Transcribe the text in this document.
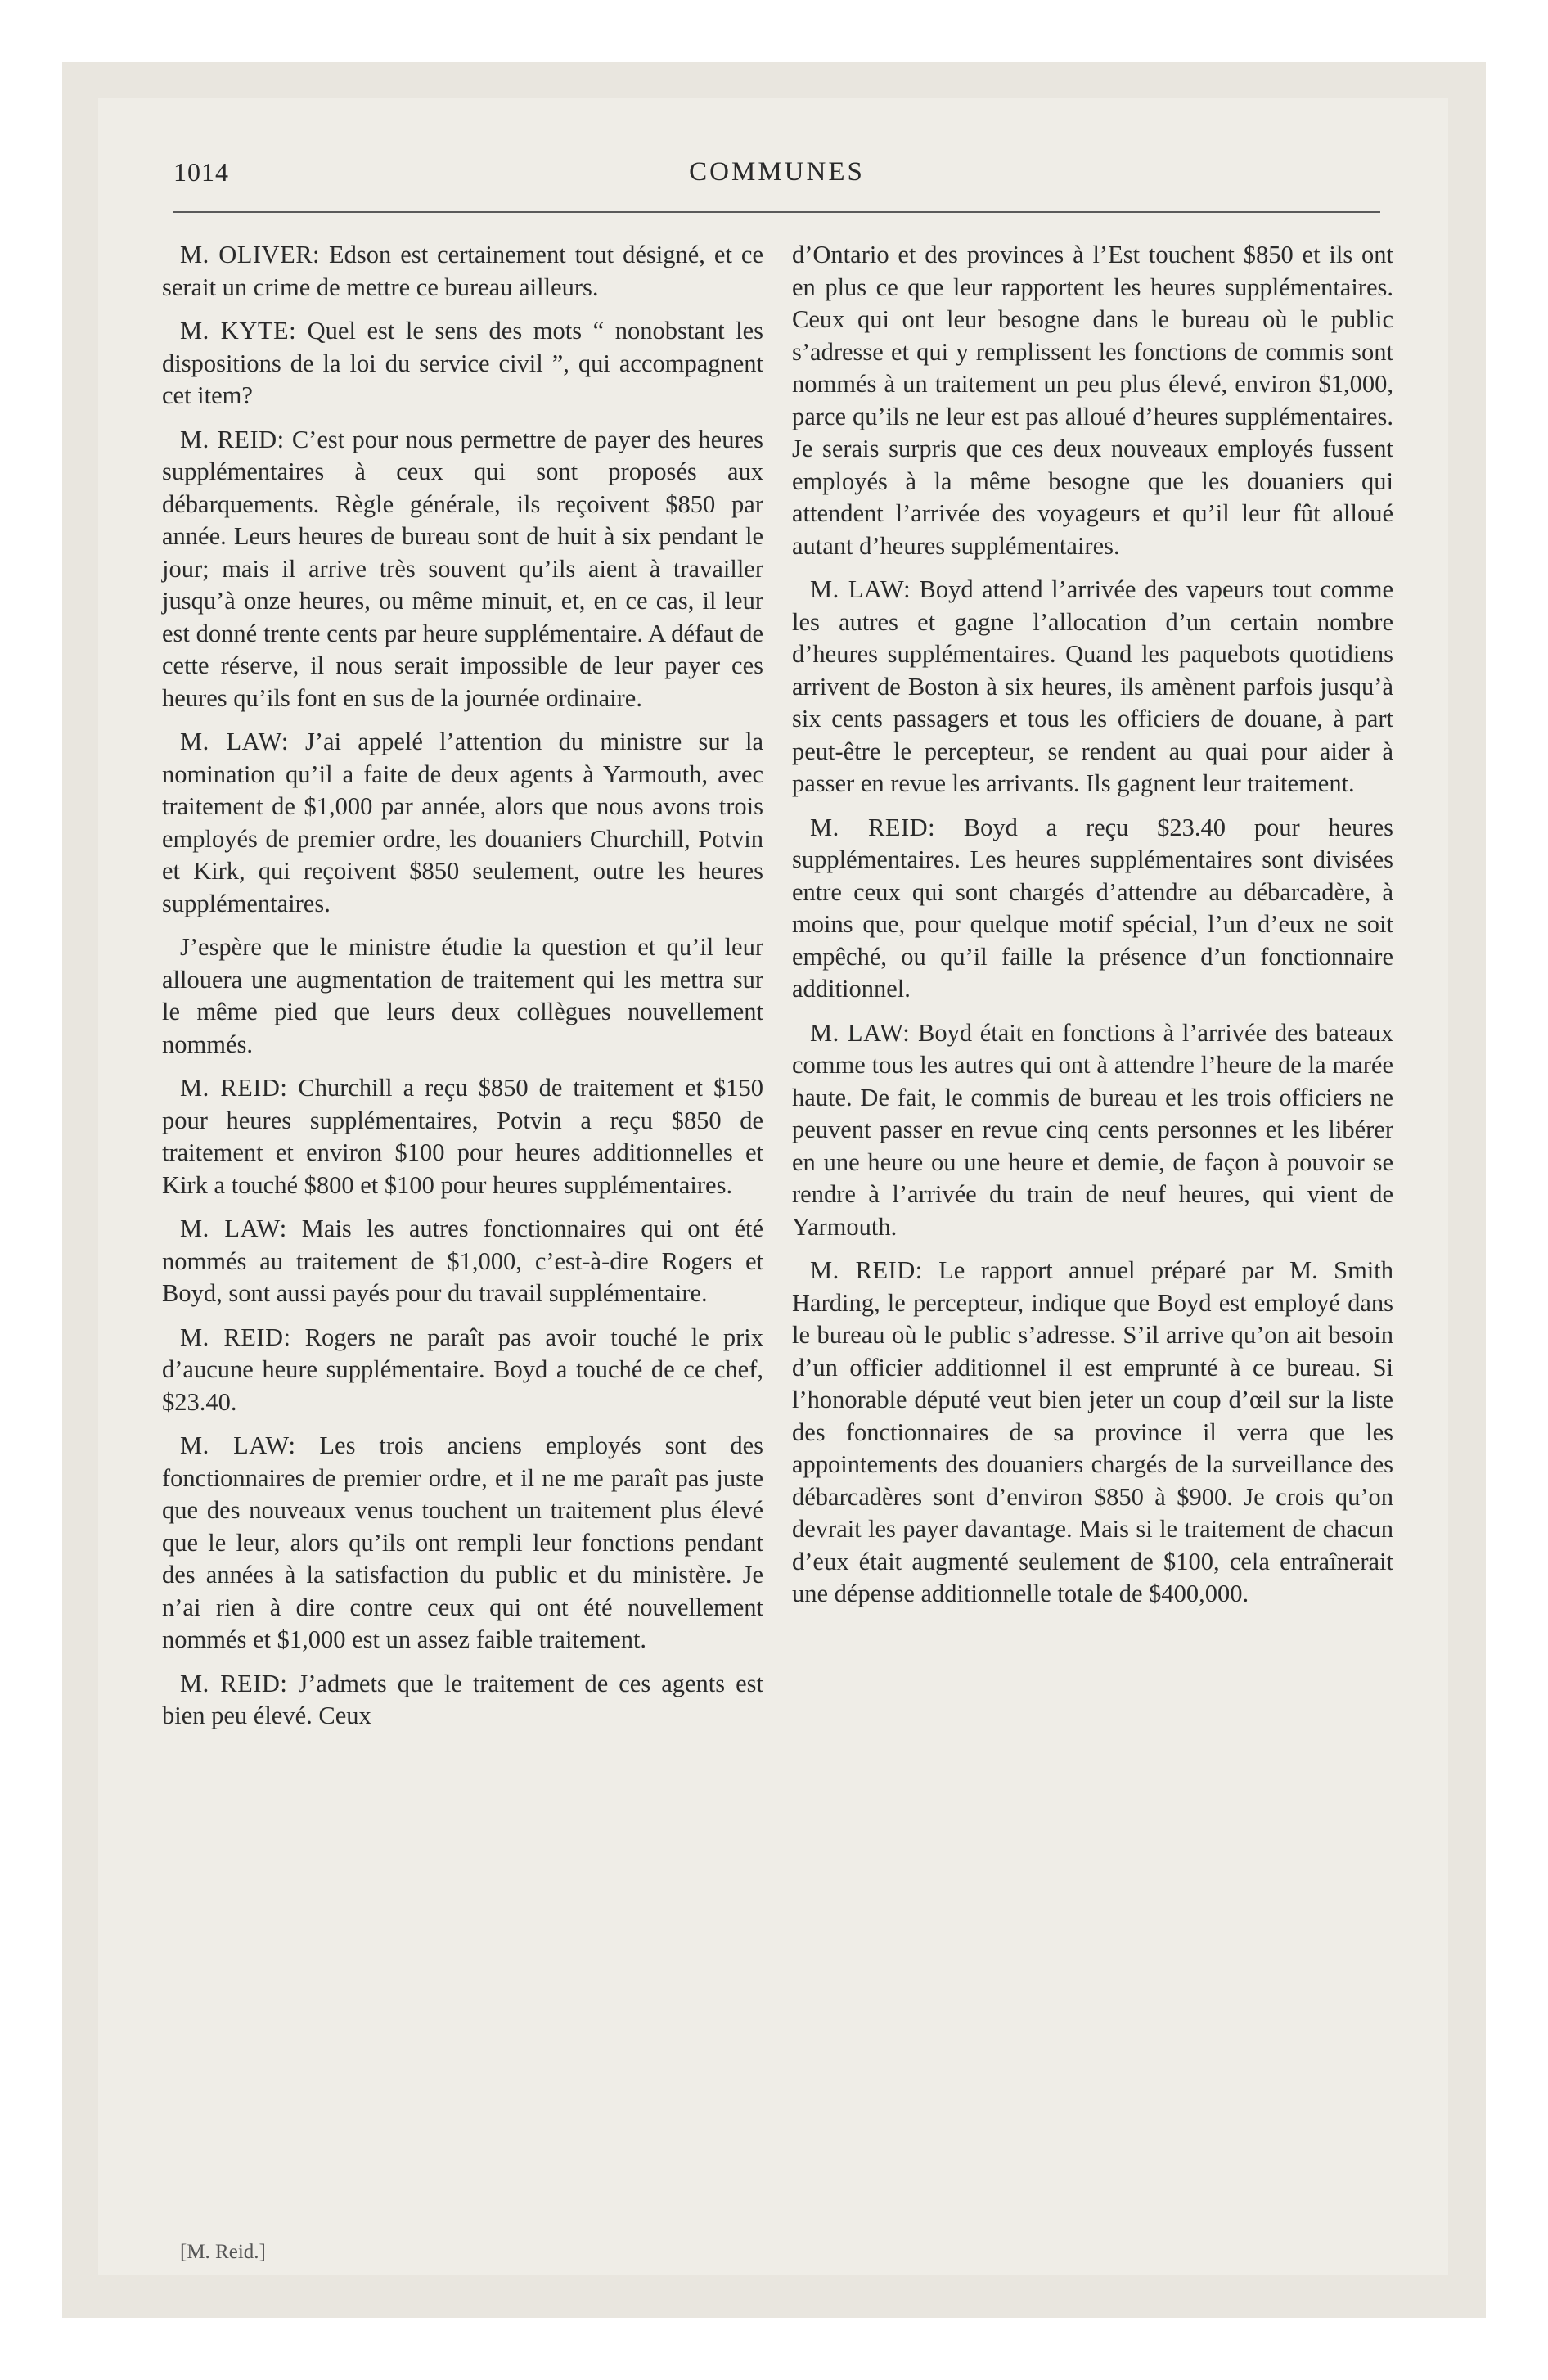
1014	COMMUNES

M. OLIVER: Edson est certainement tout désigné, et ce serait un crime de mettre ce bureau ailleurs.

M. KYTE: Quel est le sens des mots “ nonobstant les dispositions de la loi du service civil ”, qui accompagnent cet item?

M. REID: C’est pour nous permettre de payer des heures supplémentaires à ceux qui sont proposés aux débarquements. Règle générale, ils reçoivent $850 par année. Leurs heures de bureau sont de huit à six pendant le jour; mais il arrive très souvent qu’ils aient à travailler jusqu’à onze heures, ou même minuit, et, en ce cas, il leur est donné trente cents par heure supplémentaire. A défaut de cette réserve, il nous serait impossible de leur payer ces heures qu’ils font en sus de la journée ordinaire.

M. LAW: J’ai appelé l’attention du ministre sur la nomination qu’il a faite de deux agents à Yarmouth, avec traitement de $1,000 par année, alors que nous avons trois employés de premier ordre, les douaniers Churchill, Potvin et Kirk, qui reçoivent $850 seulement, outre les heures supplémentaires.

J’espère que le ministre étudie la question et qu’il leur allouera une augmentation de traitement qui les mettra sur le même pied que leurs deux collègues nouvellement nommés.

M. REID: Churchill a reçu $850 de traitement et $150 pour heures supplémentaires, Potvin a reçu $850 de traitement et environ $100 pour heures additionnelles et Kirk a touché $800 et $100 pour heures supplémentaires.

M. LAW: Mais les autres fonctionnaires qui ont été nommés au traitement de $1,000, c’est-à-dire Rogers et Boyd, sont aussi payés pour du travail supplémentaire.

M. REID: Rogers ne paraît pas avoir touché le prix d’aucune heure supplémentaire. Boyd a touché de ce chef, $23.40.

M. LAW: Les trois anciens employés sont des fonctionnaires de premier ordre, et il ne me paraît pas juste que des nouveaux venus touchent un traitement plus élevé que le leur, alors qu’ils ont rempli leur fonctions pendant des années à la satisfaction du public et du ministère. Je n’ai rien à dire contre ceux qui ont été nouvellement nommés et $1,000 est un assez faible traitement.

M. REID: J’admets que le traitement de ces agents est bien peu élevé. Ceux

d’Ontario et des provinces à l’Est touchent $850 et ils ont en plus ce que leur rapportent les heures supplémentaires. Ceux qui ont leur besogne dans le bureau où le public s’adresse et qui y remplissent les fonctions de commis sont nommés à un traitement un peu plus élevé, environ $1,000, parce qu’ils ne leur est pas alloué d’heures supplémentaires. Je serais surpris que ces deux nouveaux employés fussent employés à la même besogne que les douaniers qui attendent l’arrivée des voyageurs et qu’il leur fût alloué autant d’heures supplémentaires.

M. LAW: Boyd attend l’arrivée des vapeurs tout comme les autres et gagne l’allocation d’un certain nombre d’heures supplémentaires. Quand les paquebots quotidiens arrivent de Boston à six heures, ils amènent parfois jusqu’à six cents passagers et tous les officiers de douane, à part peut-être le percepteur, se rendent au quai pour aider à passer en revue les arrivants. Ils gagnent leur traitement.

M. REID: Boyd a reçu $23.40 pour heures supplémentaires. Les heures supplémentaires sont divisées entre ceux qui sont chargés d’attendre au débarcadère, à moins que, pour quelque motif spécial, l’un d’eux ne soit empêché, ou qu’il faille la présence d’un fonctionnaire additionnel.

M. LAW: Boyd était en fonctions à l’arrivée des bateaux comme tous les autres qui ont à attendre l’heure de la marée haute. De fait, le commis de bureau et les trois officiers ne peuvent passer en revue cinq cents personnes et les libérer en une heure ou une heure et demie, de façon à pouvoir se rendre à l’arrivée du train de neuf heures, qui vient de Yarmouth.

M. REID: Le rapport annuel préparé par M. Smith Harding, le percepteur, indique que Boyd est employé dans le bureau où le public s’adresse. S’il arrive qu’on ait besoin d’un officier additionnel il est emprunté à ce bureau. Si l’honorable député veut bien jeter un coup d’œil sur la liste des fonctionnaires de sa province il verra que les appointements des douaniers chargés de la surveillance des débarcadères sont d’environ $850 à $900. Je crois qu’on devrait les payer davantage. Mais si le traitement de chacun d’eux était augmenté seulement de $100, cela entraînerait une dépense additionnelle totale de $400,000.

[M. Reid.]
